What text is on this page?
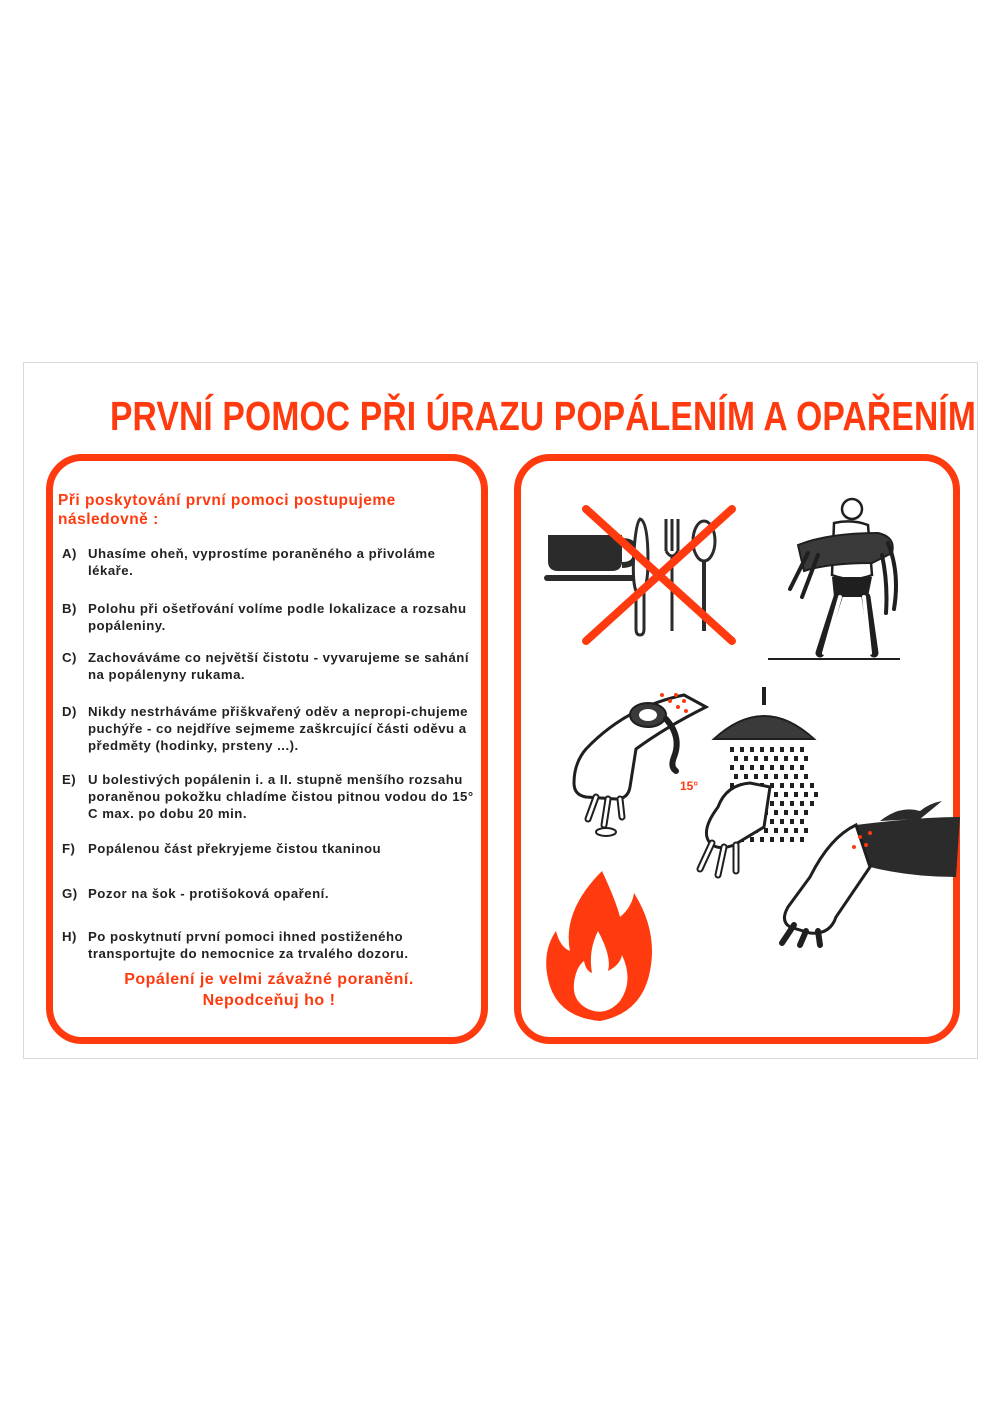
PRVNÍ POMOC PŘI ÚRAZU POPÁLENÍM A OPAŘENÍM
Při poskytování první pomoci postupujeme následovně :
A) Uhasíme oheň, vyprostíme poraněného a přivoláme lékaře.
B) Polohu při ošetřování volíme podle lokalizace a rozsahu popáleniny.
C) Zachováváme co největší čistotu - vyvarujeme se sahání na popálenyny rukama.
D) Nikdy nestrháváme přiškvařený oděv a nepropi-chujeme puchýře - co nejdříve sejmeme zaškrcující části oděvu a předměty (hodinky, prsteny ...).
E) U bolestivých popálenin i. a II. stupně menšího rozsahu poraněnou pokožku chladíme čistou pitnou vodou do 15° C max. po dobu 20 min.
F) Popálenou část překryjeme čistou tkaninou
G) Pozor na šok - protišoková opaření.
H) Po poskytnutí první pomoci ihned postiženého transportujte do nemocnice za trvalého dozoru.
Popálení je velmi závažné poranění.
Nepodceňuj ho !
15°
